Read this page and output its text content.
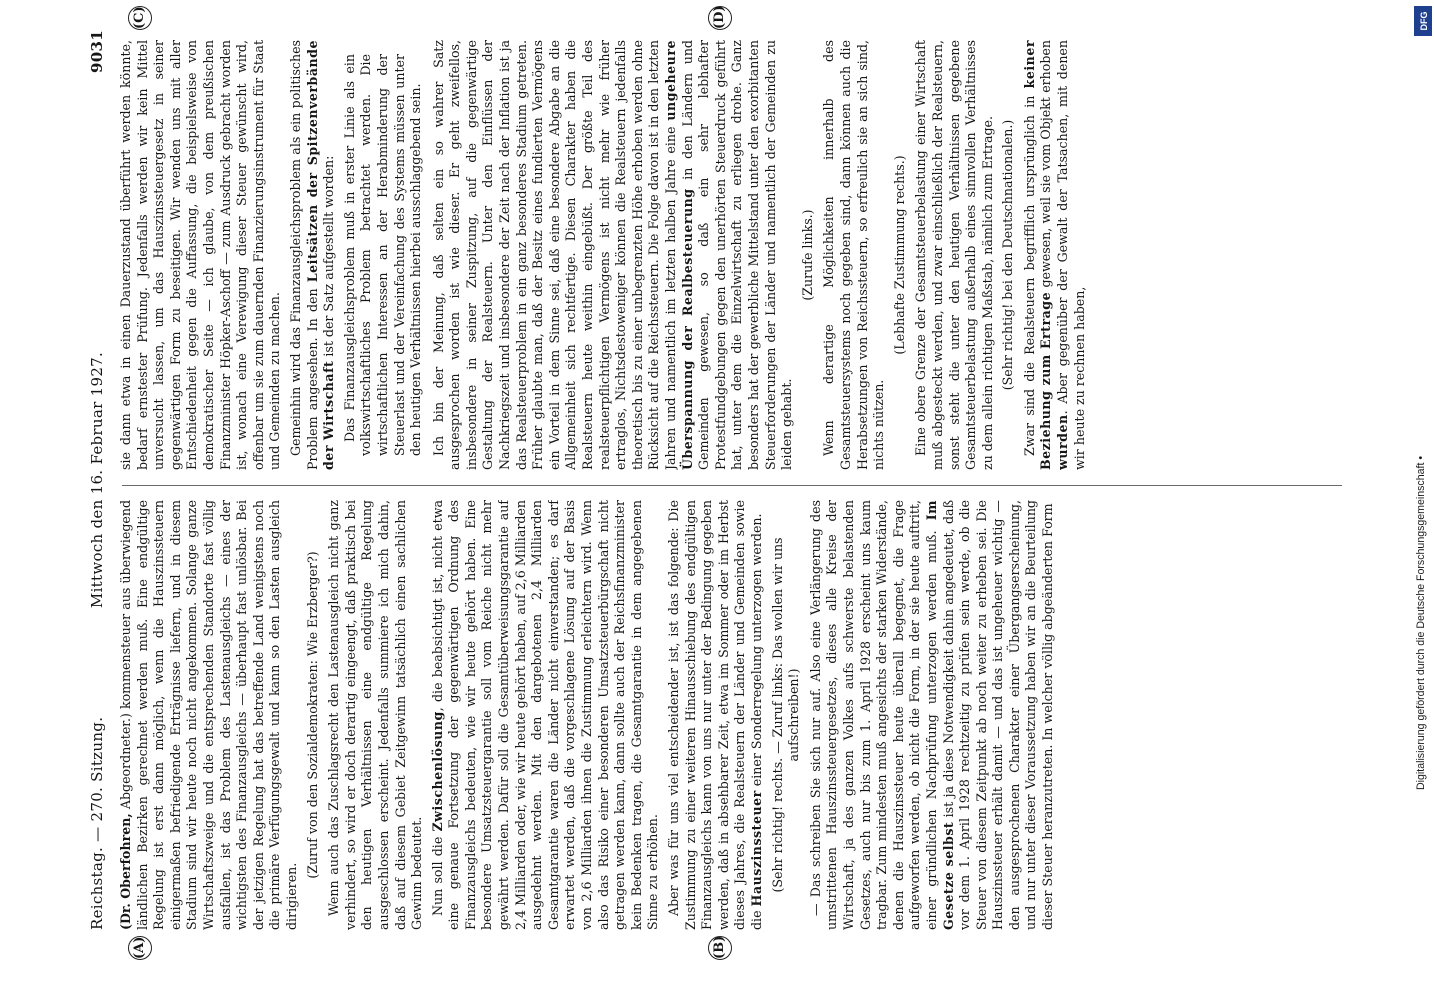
Reichstag. — 270. Sitzung.
Mittwoch den 16. Februar 1927.
9031
(A)	(B)
(C)	(D)

(Dr. Oberfohren, Abgeordneter.) kommensteuer aus überwiegend ländlichen Bezirken gerechnet werden muß. Eine endgültige Regelung ist erst dann möglich, wenn die Hauszinssteuern einigermaßen befriedigende Erträgnisse liefern, und in diesem Stadium sind wir heute noch nicht angekommen. Solange ganze Wirtschaftszweige und die entsprechenden Standorte fast völlig ausfallen, ist das Problem des Lastenausgleichs — eines der wichtigsten des Finanzausgleichs — überhaupt fast unlösbar. Bei der jetzigen Regelung hat das betreffende Land wenigstens noch die primäre Verfügungsgewalt und kann so den Lasten ausgleich dirigieren.

(Zuruf von den Sozialdemokraten: Wie Erzberger?) Wenn auch das Zuschlagsrecht den Lastenausgleich nicht ganz verhindert, so wird er doch derartig eingeengt, daß praktisch bei den heutigen Verhältnissen eine endgültige Regelung ausgeschlossen erscheint. Jedenfalls summiere ich mich dahin, daß auf diesem Gebiet Zeitgewinn tatsächlich einen sachlichen Gewinn bedeutet. Nun soll die Zwischenlösung, die beabsichtigt ist, nicht etwa eine genaue Fortsetzung der gegenwärtigen Ordnung des Finanzausgleichs bedeuten, wie wir heute gehört haben. Eine besondere Umsatzsteuergarantie soll vom Reiche nicht mehr gewährt werden. Dafür soll die Gesamtüberweisungsgarantie auf 2,4 Milliarden oder, wie wir heute gehört haben, auf 2,6 Milliarden ausgedehnt werden. Mit den dargebotenen 2,4 Milliarden Gesamtgarantie waren die Länder nicht einverstanden; es darf erwartet werden, daß die vorgeschlagene Lösung auf der Basis von 2,6 Milliarden ihnen die Zustimmung erleichtern wird. Wenn also das Risiko einer besonderen Umsatzsteuerbürgschaft nicht getragen werden kann, dann sollte auch der Reichsfinanzminister kein Bedenken tragen, die Gesamtgarantie in dem angegebenen Sinne zu erhöhen. Aber was für uns viel entscheidender ist, ist das folgende: Die Zustimmung zu einer weiteren Hinausschiebung des endgültigen Finanzausgleichs kann von uns nur unter der Bedingung gegeben werden, daß in absehbarer Zeit, etwa im Sommer oder im Herbst dieses Jahres, die Realsteuern der Länder und Gemeinden sowie die Hauszinssteuer einer Sonderregelung unterzogen werden. (Sehr richtig! rechts. — Zuruf links: Das wollen wir uns aufschreiben!) — Das schreiben Sie sich nur auf. Also eine Verlängerung des umstrittenen Hauszinssteuergesetzes, dieses alle Kreise der Wirtschaft, ja des ganzen Volkes aufs schwerste belastenden Gesetzes, auch nur bis zum 1. April 1928 erscheint uns kaum tragbar. Zum mindesten muß angesichts der starken Widerstände, denen die Hauszinssteuer heute überall begegnet, die Frage aufgeworfen werden, ob nicht die Form, in der sie heute auftritt, einer gründlichen Nachprüfung unterzogen werden muß. Im Gesetze selbst ist ja diese Notwendigkeit dahin angedeutet, daß vor dem 1. April 1928 rechtzeitig zu prüfen sein werde, ob die Steuer von diesem Zeitpunkt ab noch weiter zu erheben sei. Die Hauszinssteuer erhält damit — und das ist ungeheuer wichtig — den ausgesprochenen Charakter einer Übergangserscheinung, und nur unter dieser Voraussetzung haben wir an die Beurteilung dieser Steuer heranzutreten. In welcher völlig abgeänderten Form

sie dann etwa in einen Dauerzustand überführt werden könnte, bedarf ernstester Prüfung. Jedenfalls werden wir kein Mittel unversucht lassen, um das Hauszinssteuergesetz in seiner gegenwärtigen Form zu beseitigen. Wir wenden uns mit aller Entschiedenheit gegen die Auffassung, die beispielsweise von demokratischer Seite — ich glaube, von dem preußischen Finanzminister Höpker-Aschoff — zum Ausdruck gebracht worden ist, wonach eine Verewigung dieser Steuer gewünscht wird, offenbar um sie zum dauernden Finanzierungsinstrument für Staat und Gemeinden zu machen. Gemeinhin wird das Finanzausgleichsproblem als ein politisches Problem angesehen. In den Leitsätzen der Spitzenverbände der Wirtschaft ist der Satz aufgestellt worden: Das Finanzausgleichsproblem muß in erster Linie als ein volkswirtschaftliches Problem betrachtet werden. Die wirtschaftlichen Interessen an der Herabminderung der Steuerlast und der Vereinfachung des Systems müssen unter den heutigen Verhältnissen hierbei ausschlaggebend sein. Ich bin der Meinung, daß selten ein so wahrer Satz ausgesprochen worden ist wie dieser. Er geht zweifellos, insbesondere in seiner Zuspitzung, auf die gegenwärtige Gestaltung der Realsteuern. Unter den Einflüssen der Nachkriegszeit und insbesondere der Zeit nach der Inflation ist ja das Realsteuerproblem in ein ganz besonderes Stadium getreten. Früher glaubte man, daß der Besitz eines fundierten Vermögens ein Vorteil in dem Sinne sei, daß eine besondere Abgabe an die Allgemeinheit sich rechtfertige. Diesen Charakter haben die Realsteuern heute weithin eingebüßt. Der größte Teil des realsteuerpflichtigen Vermögens ist nicht mehr wie früher ertraglos, Nichtsdestoweniger können die Realsteuern jedenfalls theoretisch bis zu einer unbegrenzten Höhe erhoben werden ohne Rücksicht auf die Reichssteuern. Die Folge davon ist in den letzten Jahren und namentlich im letzten halben Jahre eine ungeheure Überspannung der Realbesteuerung in den Ländern und Gemeinden gewesen, so daß ein sehr lebhafter Protestfundgebungen gegen den unerhörten Steuerdruck geführt hat, unter dem die Einzelwirtschaft zu erliegen drohe. Ganz besonders hat der gewerbliche Mittelstand unter den exorbitanten Steuerforderungen der Länder und namentlich der Gemeinden zu leiden gehabt.

(Zurufe links.) Wenn derartige Möglichkeiten innerhalb des Gesamtsteuersystems noch gegeben sind, dann können auch die Herabsetzungen von Reichssteuern, so erfreulich sie an sich sind, nichts nützen.

(Lebhafte Zustimmung rechts.) Eine obere Grenze der Gesamtsteuerbelastung einer Wirtschaft muß abgesteckt werden, und zwar einschließlich der Realsteuern, sonst steht die unter den heutigen Verhältnissen gegebene Gesamtsteuerbelastung außerhalb eines sinnvollen Verhältnisses zu dem allein richtigen Maßstab, nämlich zum Ertrage. (Sehr richtig! bei den Deutschnationalen.) Zwar sind die Realsteuern begrifflich ursprünglich in keiner Beziehung zum Ertrage gewesen, weil sie vom Objekt erhoben wurden. Aber gegenüber der Gewalt der Tatsachen, mit denen wir heute zu rechnen haben,

Digitalisierung gefördert durch die Deutsche Forschungsgemeinschaft •
DFG
